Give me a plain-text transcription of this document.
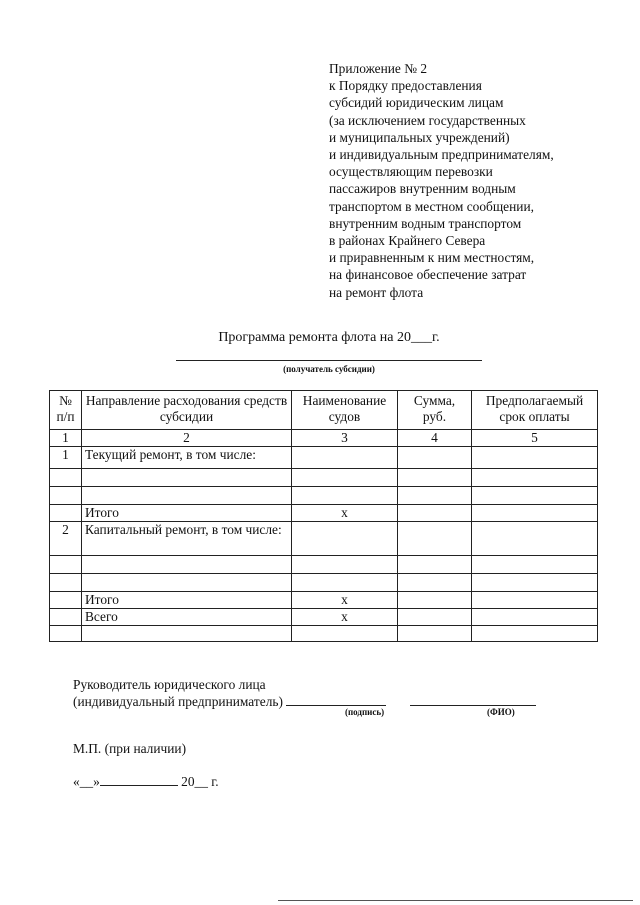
Приложение № 2
к Порядку предоставления
субсидий юридическим лицам
(за исключением государственных
и муниципальных учреждений)
и индивидуальным предпринимателям,
осуществляющим перевозки
пассажиров внутренним водным
транспортом в местном сообщении,
внутренним водным транспортом
в районах Крайнего Севера
и приравненным к ним местностям,
на финансовое обеспечение затрат
на ремонт флота
Программа ремонта флота на 20___г.
(получатель субсидии)
№ п/п	Направление расходования средств субсидии	Наименование судов	Сумма, руб.	Предполагаемый срок оплаты
1	2	3	4	5
1	Текущий ремонт, в том числе:			

	Итого	х		
2	Капитальный ремонт, в том числе:			

	Итого	х		
	Всего	х		

Руководитель юридического лица
(индивидуальный предприниматель)
(подпись)	(ФИО)
М.П. (при наличии)
«__»	20__ г.
